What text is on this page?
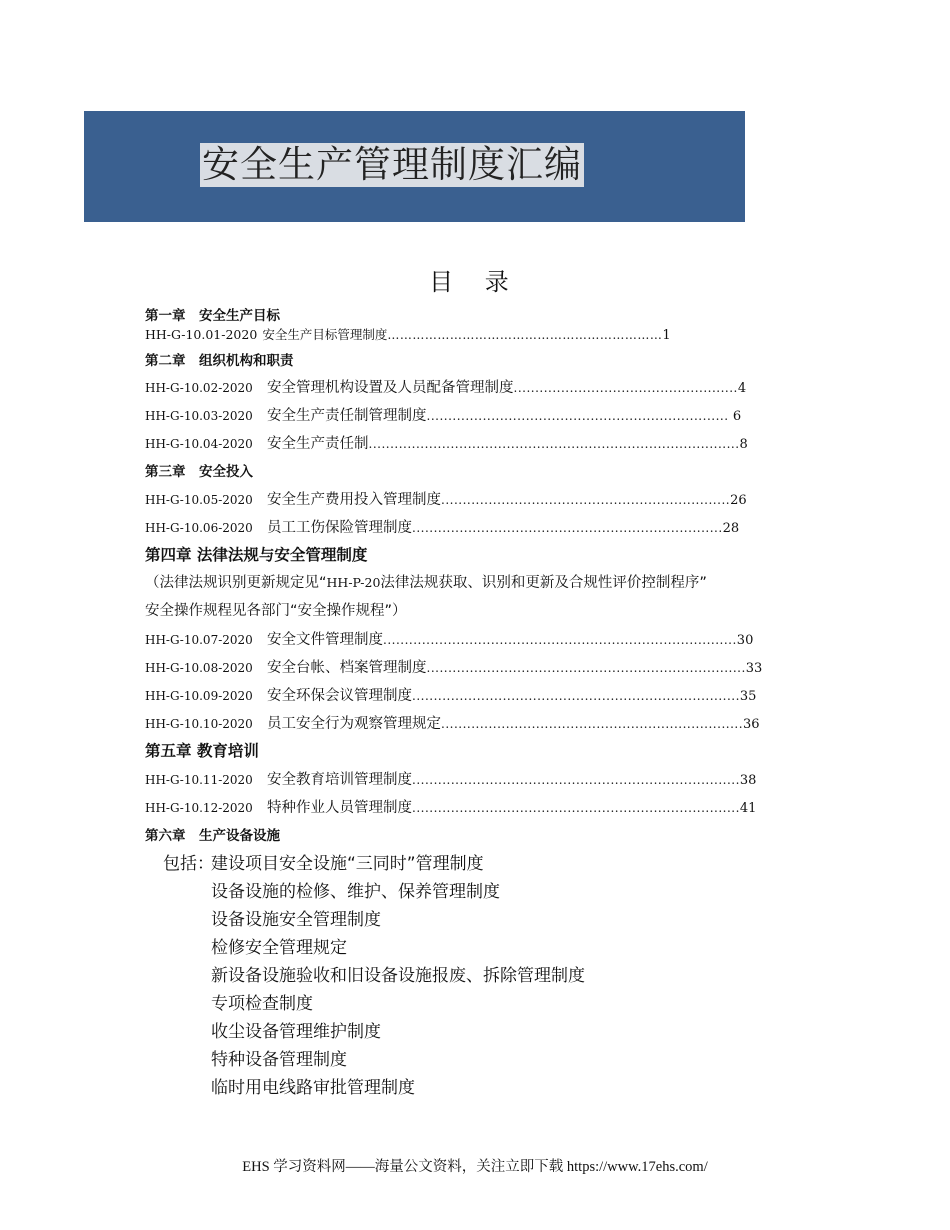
安全生产管理制度汇编
目 录
第一章　安全生产目标
HH-G-10.01-2020 安全生产目标管理制度…………………………………………………………1
第二章　组织机构和职责
HH-G-10.02-2020 安全管理机构设置及人员配备管理制度....................................................4
HH-G-10.03-2020 安全生产责任制管理制度...................................................................... 6
HH-G-10.04-2020 安全生产责任制......................................................................................8
第三章　安全投入
HH-G-10.05-2020 安全生产费用投入管理制度...................................................................26
HH-G-10.06-2020 员工工伤保险管理制度........................................................................28
第四章 法律法规与安全管理制度
（法律法规识别更新规定见“HH-P-20法律法规获取、识别和更新及合规性评价控制程序”
安全操作规程见各部门“安全操作规程”）
HH-G-10.07-2020 安全文件管理制度..................................................................................30
HH-G-10.08-2020 安全台帐、档案管理制度..........................................................................33
HH-G-10.09-2020 安全环保会议管理制度............................................................................35
HH-G-10.10-2020 员工安全行为观察管理规定......................................................................36
第五章 教育培训
HH-G-10.11-2020 安全教育培训管理制度............................................................................38
HH-G-10.12-2020 特种作业人员管理制度............................................................................41
第六章　生产设备设施
包括：
建设项目安全设施“三同时”管理制度
设备设施的检修、维护、保养管理制度
设备设施安全管理制度
检修安全管理规定
新设备设施验收和旧设备设施报废、拆除管理制度
专项检查制度
收尘设备管理维护制度
特种设备管理制度
临时用电线路审批管理制度
EHS 学习资料网——海量公文资料，关注立即下载 https://www.17ehs.com/
